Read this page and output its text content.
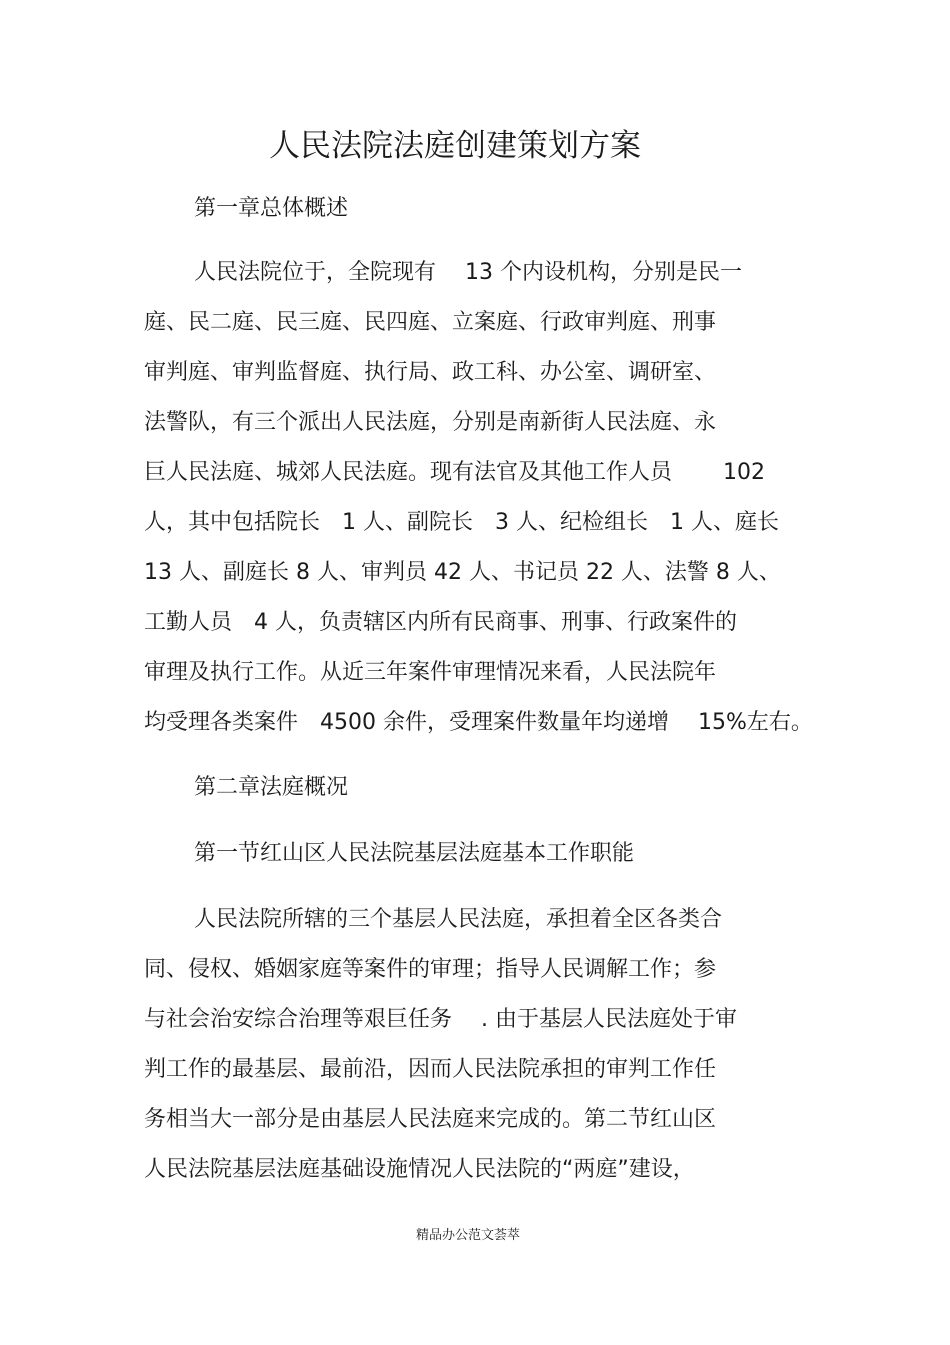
人民法院法庭创建策划方案

第一章总体概述

人民法院位于，全院现有　 13 个内设机构，分别是民一

庭、民二庭、民三庭、民四庭、立案庭、行政审判庭、刑事

审判庭、审判监督庭、执行局、政工科、办公室、调研室、

法警队，有三个派出人民法庭，分别是南新街人民法庭、永

巨人民法庭、城郊人民法庭。现有法官及其他工作人员　　 102

人，其中包括院长　1 人、副院长　3 人、纪检组长　1 人、庭长

13 人、副庭长 8 人、审判员 42 人、书记员 22 人、法警 8 人、

工勤人员　4 人，负责辖区内所有民商事、刑事、行政案件的

审理及执行工作。从近三年案件审理情况来看，人民法院年

均受理各类案件　4500 余件，受理案件数量年均递增　 15%左右。

第二章法庭概况

第一节红山区人民法院基层法庭基本工作职能

人民法院所辖的三个基层人民法庭，承担着全区各类合

同、侵权、婚姻家庭等案件的审理；指导人民调解工作；参

与社会治安综合治理等艰巨任务　 . 由于基层人民法庭处于审

判工作的最基层、最前沿，因而人民法院承担的审判工作任

务相当大一部分是由基层人民法庭来完成的。第二节红山区

人民法院基层法庭基础设施情况人民法院的“两庭”建设，

精品办公范文荟萃
